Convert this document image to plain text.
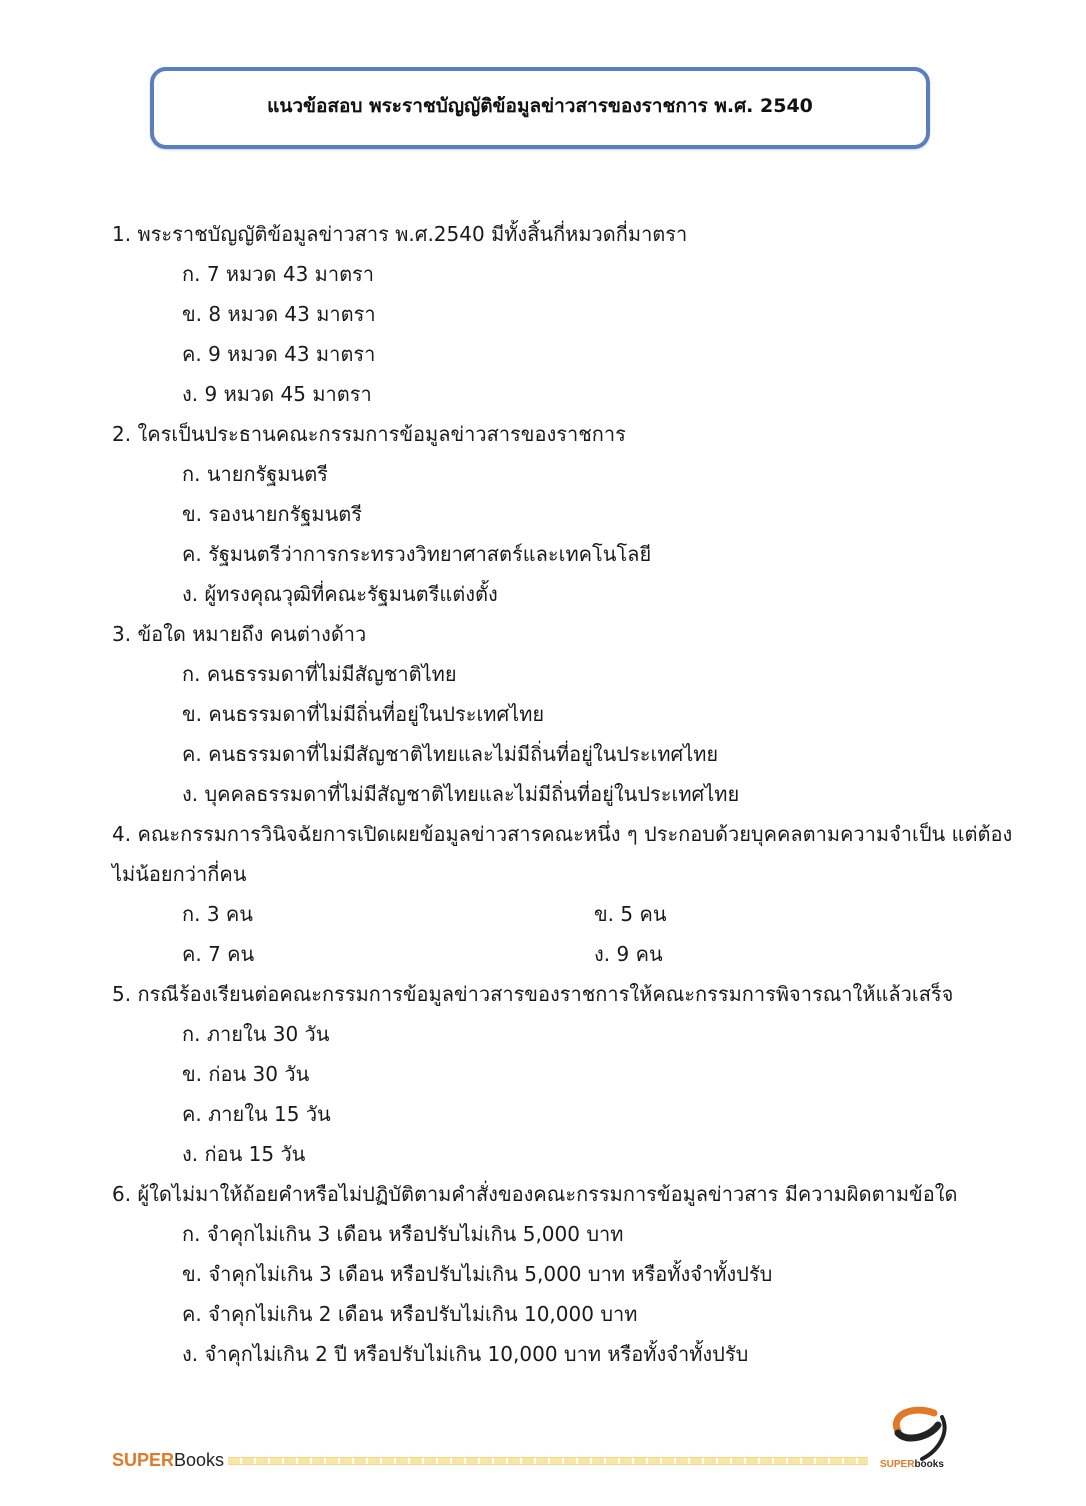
แนวข้อสอบ พระราชบัญญัติข้อมูลข่าวสารของราชการ พ.ศ. 2540

1. พระราชบัญญัติข้อมูลข่าวสาร พ.ศ.2540 มีทั้งสิ้นกี่หมวดกี่มาตรา

ก. 7 หมวด 43 มาตรา
ข. 8 หมวด 43 มาตรา
ค. 9 หมวด 43 มาตรา
ง. 9 หมวด 45 มาตรา

2. ใครเป็นประธานคณะกรรมการข้อมูลข่าวสารของราชการ

ก. นายกรัฐมนตรี
ข. รองนายกรัฐมนตรี
ค. รัฐมนตรีว่าการกระทรวงวิทยาศาสตร์และเทคโนโลยี
ง. ผู้ทรงคุณวุฒิที่คณะรัฐมนตรีแต่งตั้ง

3. ข้อใด หมายถึง คนต่างด้าว

ก. คนธรรมดาที่ไม่มีสัญชาติไทย
ข. คนธรรมดาที่ไม่มีถิ่นที่อยู่ในประเทศไทย
ค. คนธรรมดาที่ไม่มีสัญชาติไทยและไม่มีถิ่นที่อยู่ในประเทศไทย
ง. บุคคลธรรมดาที่ไม่มีสัญชาติไทยและไม่มีถิ่นที่อยู่ในประเทศไทย

4. คณะกรรมการวินิจฉัยการเปิดเผยข้อมูลข่าวสารคณะหนึ่ง ๆ ประกอบด้วยบุคคลตามความจำเป็น แต่ต้อง

ไม่น้อยกว่ากี่คน

ก. 3 คน	ข. 5 คน
ค. 7 คน	ง. 9 คน

5. กรณีร้องเรียนต่อคณะกรรมการข้อมูลข่าวสารของราชการให้คณะกรรมการพิจารณาให้แล้วเสร็จ

ก. ภายใน 30 วัน
ข. ก่อน 30 วัน
ค. ภายใน 15 วัน
ง. ก่อน 15 วัน

6. ผู้ใดไม่มาให้ถ้อยคำหรือไม่ปฏิบัติตามคำสั่งของคณะกรรมการข้อมูลข่าวสาร มีความผิดตามข้อใด

ก. จำคุกไม่เกิน 3 เดือน หรือปรับไม่เกิน 5,000 บาท
ข. จำคุกไม่เกิน 3 เดือน หรือปรับไม่เกิน 5,000 บาท หรือทั้งจำทั้งปรับ
ค. จำคุกไม่เกิน 2 เดือน หรือปรับไม่เกิน 10,000 บาท
ง. จำคุกไม่เกิน 2 ปี หรือปรับไม่เกิน 10,000 บาท หรือทั้งจำทั้งปรับ
SUPERBooks	SUPERbooks
